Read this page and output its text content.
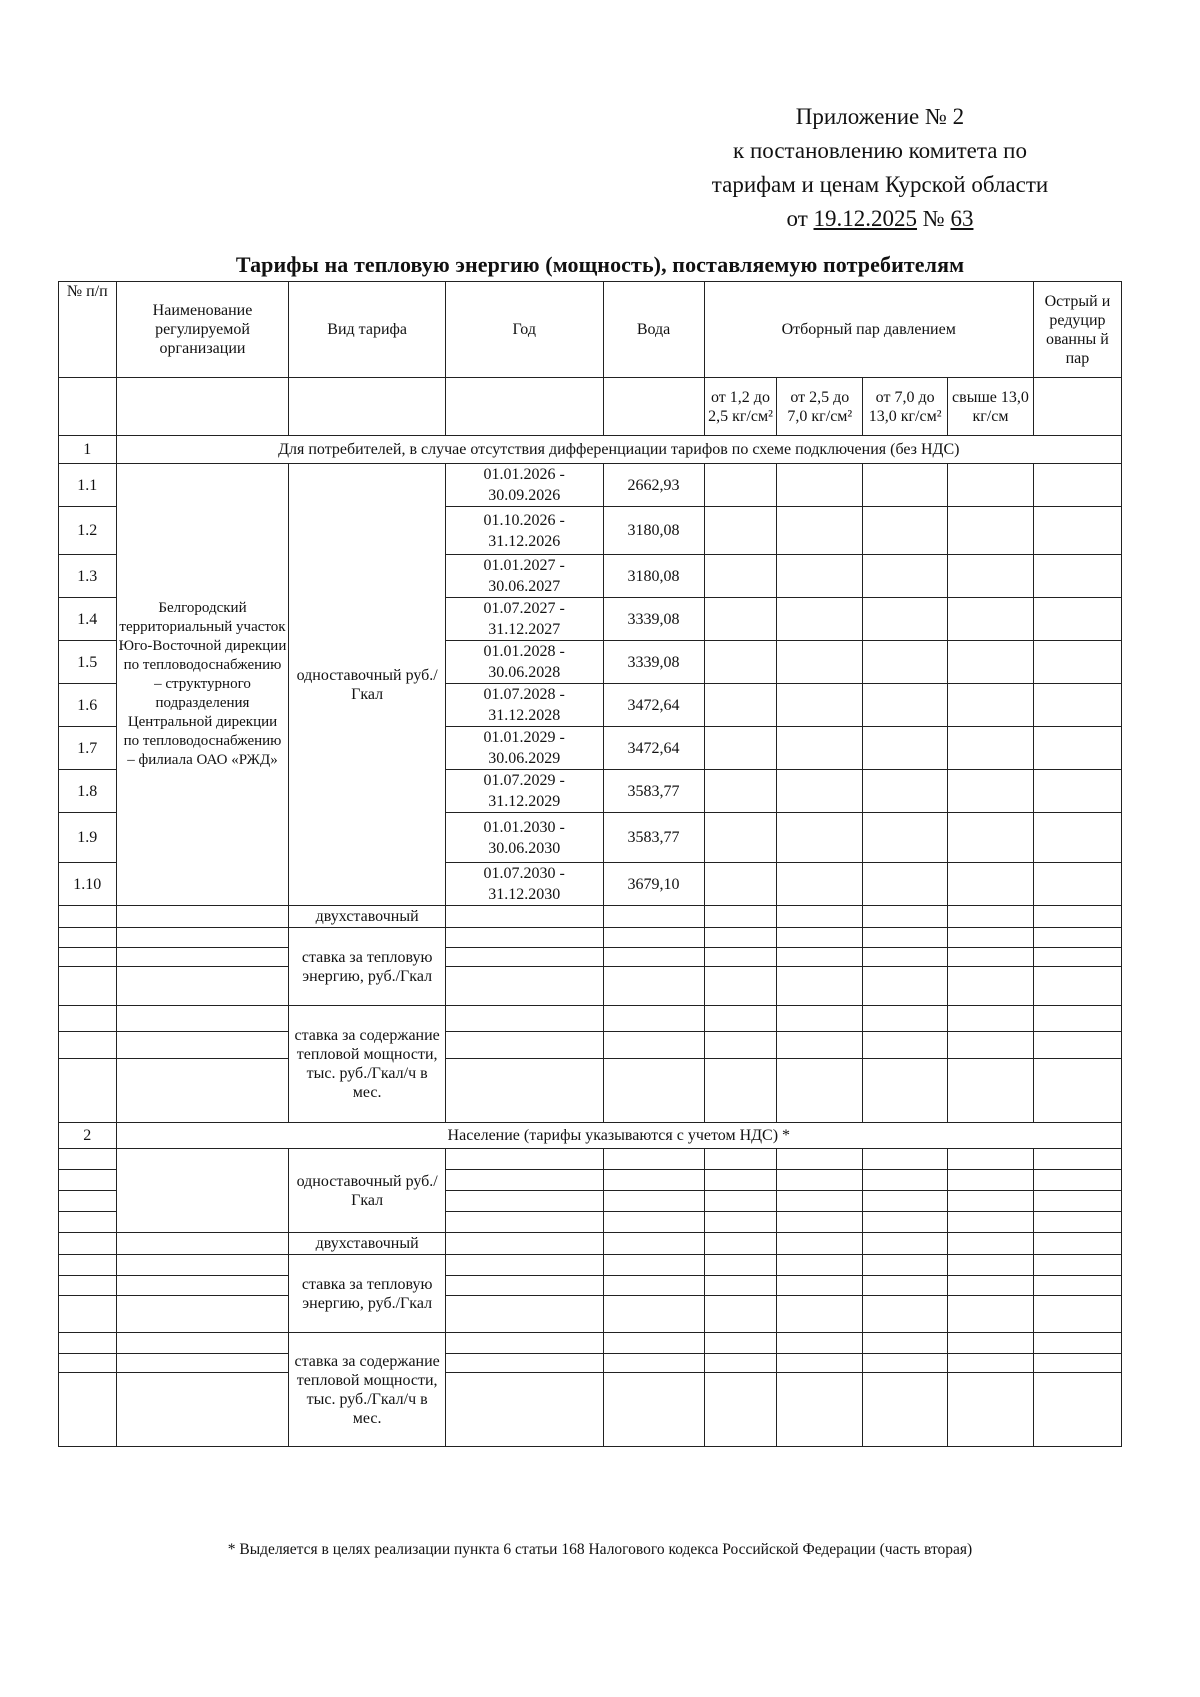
Приложение № 2
к постановлению комитета по
тарифам и ценам Курской области
от 19.12.2025 № 63
Тарифы на тепловую энергию (мощность), поставляемую потребителям
№ п/п	Наименование регулируемой организации	Вид тарифа	Год	Вода	Отборный пар давлением				Острый и редуцир ованны й пар
					от 1,2 до 2,5 кг/см²	от 2,5 до 7,0 кг/см²	от 7,0 до 13,0 кг/см²	свыше 13,0 кг/см	
1	Для потребителей, в случае отсутствия дифференциации тарифов по схеме подключения (без НДС)								
1.1	Белгородский территориальный участок Юго-Восточной дирекции по тепловодоснабжению – структурного подразделения Центральной дирекции по тепловодоснабжению – филиала ОАО «РЖД»	одноставочный руб./Гкал	01.01.2026 - 30.09.2026	2662,93					
1.2			01.10.2026 - 31.12.2026	3180,08					
1.3			01.01.2027 - 30.06.2027	3180,08					
1.4			01.07.2027 - 31.12.2027	3339,08					
1.5			01.01.2028 - 30.06.2028	3339,08					
1.6			01.07.2028 - 31.12.2028	3472,64					
1.7			01.01.2029 - 30.06.2029	3472,64					
1.8			01.07.2029 - 31.12.2029	3583,77					
1.9			01.01.2030 - 30.06.2030	3583,77					
1.10			01.07.2030 - 31.12.2030	3679,10					
		двухставочный							
		ставка за тепловую энергию, руб./Гкал							

		ставка за содержание тепловой мощности, тыс. руб./Гкал/ч в мес.							

2	Население (тарифы указываются с учетом НДС) *								
		одноставочный руб./Гкал							

		двухставочный							
		ставка за тепловую энергию, руб./Гкал							

		ставка за содержание тепловой мощности, тыс. руб./Гкал/ч в мес.							

* Выделяется в целях реализации пункта 6 статьи 168 Налогового кодекса Российской Федерации (часть вторая)
